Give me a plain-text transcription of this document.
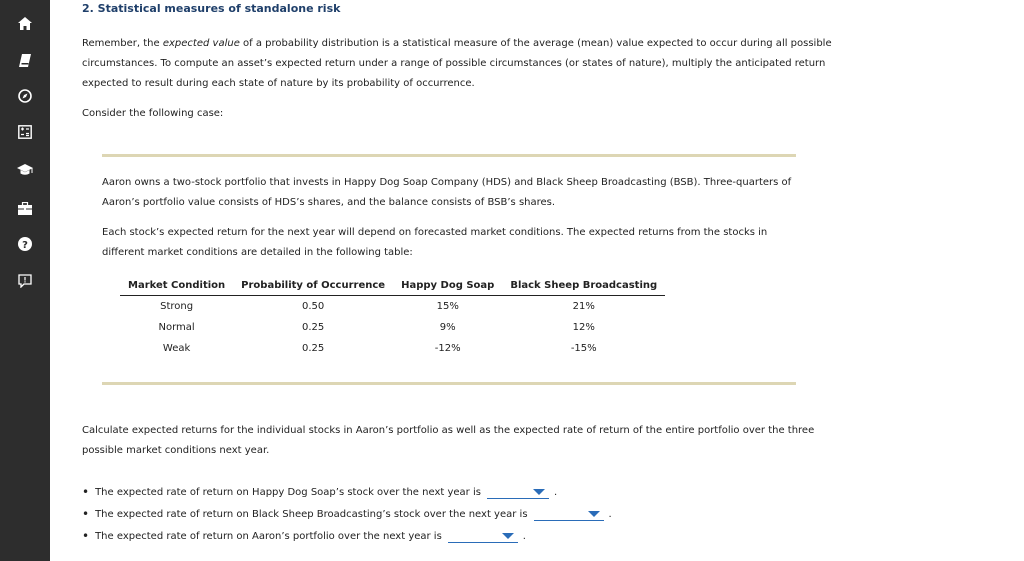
?
2. Statistical measures of standalone risk
Remember, the expected value of a probability distribution is a statistical measure of the average (mean) value expected to occur during all possible circumstances. To compute an asset’s expected return under a range of possible circumstances (or states of nature), multiply the anticipated return expected to result during each state of nature by its probability of occurrence.
Consider the following case:
Aaron owns a two-stock portfolio that invests in Happy Dog Soap Company (HDS) and Black Sheep Broadcasting (BSB). Three-quarters of Aaron’s portfolio value consists of HDS’s shares, and the balance consists of BSB’s shares.
Each stock’s expected return for the next year will depend on forecasted market conditions. The expected returns from the stocks in different market conditions are detailed in the following table:
Market Condition	Probability of Occurrence	Happy Dog Soap	Black Sheep Broadcasting
Strong	0.50	15%	21%
Normal	0.25	9%	12%
Weak	0.25	-12%	-15%
Calculate expected returns for the individual stocks in Aaron’s portfolio as well as the expected rate of return of the entire portfolio over the three possible market conditions next year.
• The expected rate of return on Happy Dog Soap’s stock over the next year is	.
• The expected rate of return on Black Sheep Broadcasting’s stock over the next year is	.
• The expected rate of return on Aaron’s portfolio over the next year is	.
